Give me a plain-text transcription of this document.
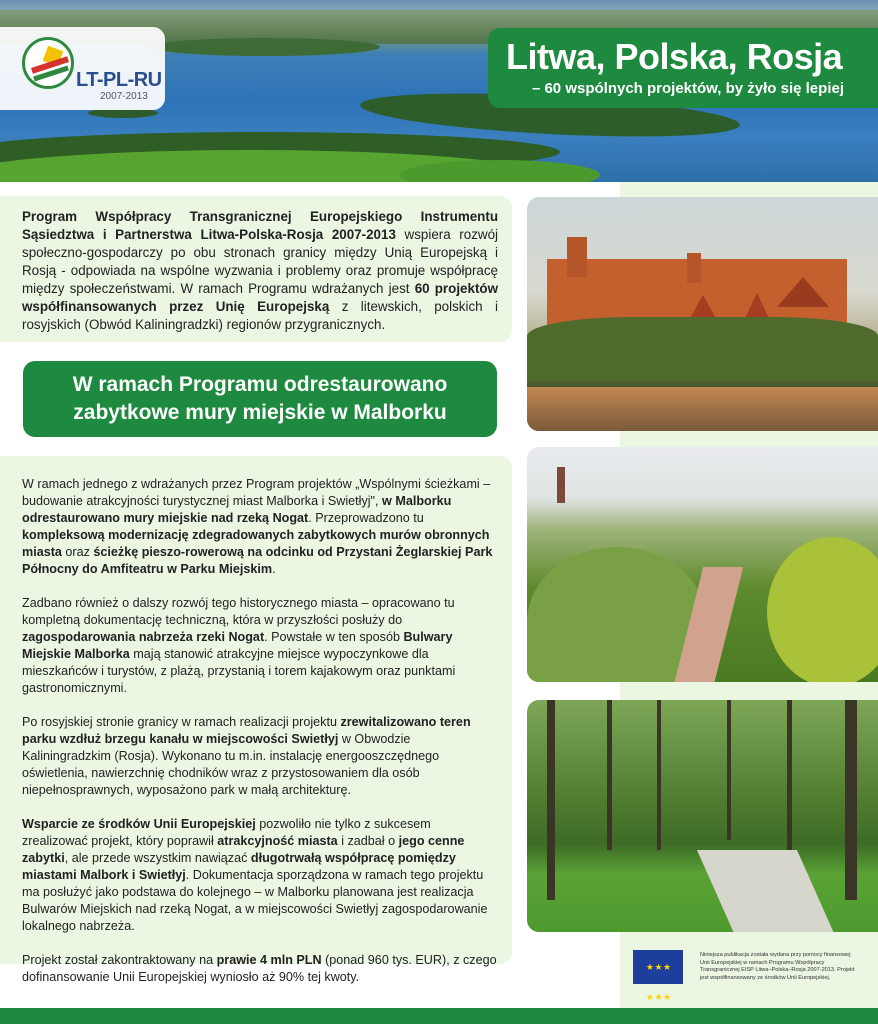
LT-PL-RU
2007-2013
Litwa, Polska, Rosja
– 60 wspólnych projektów, by żyło się lepiej

Program Współpracy Transgranicznej Europejskiego Instrumentu Sąsiedztwa i Partnerstwa Litwa-Polska-Rosja 2007-2013 wspiera rozwój społeczno-gospodarczy po obu stronach granicy między Unią Europejską i Rosją - odpowiada na wspólne wyzwania i problemy oraz promuje współpracę między społeczeństwami. W ramach Programu wdrażanych jest 60 projektów współfinansowanych przez Unię Europejską z litewskich, polskich i rosyjskich (Obwód Kaliningradzki) regionów przygranicznych.

W ramach Programu odrestaurowano
zabytkowe mury miejskie w Malborku

W ramach jednego z wdrażanych przez Program projektów „Wspólnymi ścieżkami – budowanie atrakcyjności turystycznej miast Malborka i Swietłyj", w Malborku odrestaurowano mury miejskie nad rzeką Nogat. Przeprowadzono tu kompleksową modernizację zdegradowanych zabytkowych murów obronnych miasta oraz ścieżkę pieszo-rowerową na odcinku od Przystani Żeglarskiej Park Północny do Amfiteatru w Parku Miejskim.

Zadbano również o dalszy rozwój tego historycznego miasta – opracowano tu kompletną dokumentację techniczną, która w przyszłości posłuży do zagospodarowania nabrzeża rzeki Nogat. Powstałe w ten sposób Bulwary Miejskie Malborka mają stanowić atrakcyjne miejsce wypoczynkowe dla mieszkańców i turystów, z plażą, przystanią i torem kajakowym oraz punktami gastronomicznymi.

Po rosyjskiej stronie granicy w ramach realizacji projektu zrewitalizowano teren parku wzdłuż brzegu kanału w miejscowości Swietłyj w Obwodzie Kaliningradzkim (Rosja). Wykonano tu m.in. instalację energooszczędnego oświetlenia, nawierzchnię chodników wraz z przystosowaniem dla osób niepełnosprawnych, wyposażono park w małą architekturę.

Wsparcie ze środków Unii Europejskiej pozwoliło nie tylko z sukcesem zrealizować projekt, który poprawił atrakcyjność miasta i zadbał o jego cenne zabytki, ale przede wszystkim nawiązać długotrwałą współpracę pomiędzy miastami Malbork i Swietłyj. Dokumentacja sporządzona w ramach tego projektu ma posłużyć jako podstawa do kolejnego – w Malborku planowana jest realizacja Bulwarów Miejskich nad rzeką Nogat, a w miejscowości Swietłyj zagospodarowanie lokalnego nabrzeża.

Projekt został zakontraktowany na prawie 4 mln PLN (ponad 960 tys. EUR), z czego dofinansowanie Unii Europejskiej wyniosło aż 90% tej kwoty.

★ ★ ★ ★ ★ ★
Niniejsza publikacja została wydana przy pomocy finansowej Unii Europejskiej w ramach Programu Współpracy Transgranicznej EISP Litwa–Polska–Rosja 2007-2013. Projekt jest współfinansowany ze środków Unii Europejskiej.
